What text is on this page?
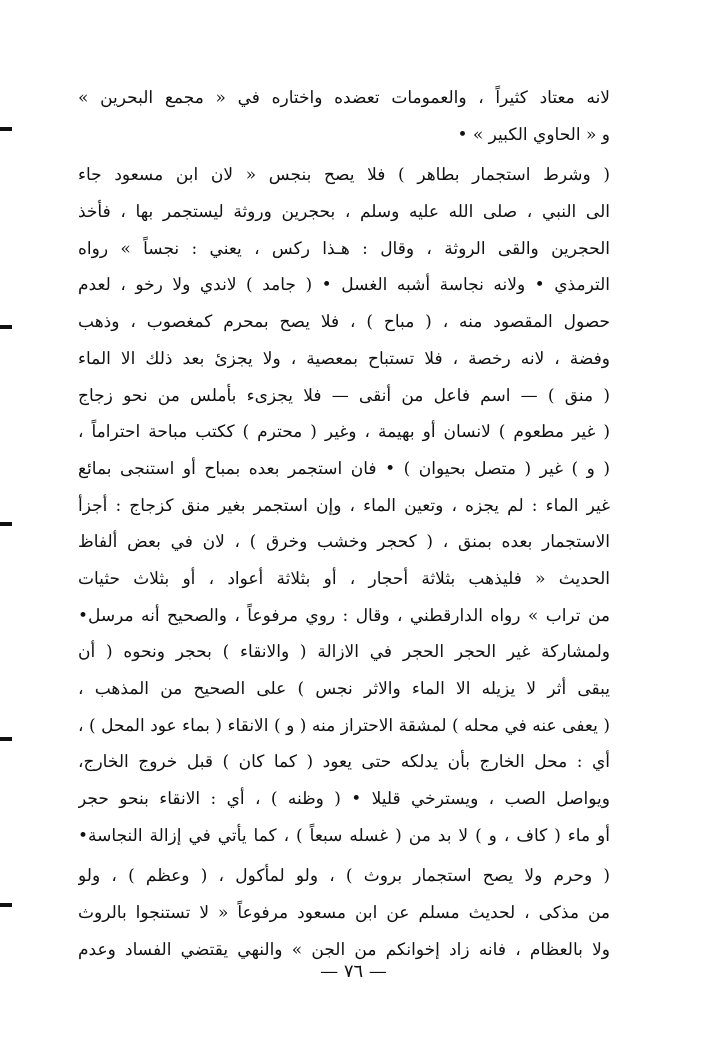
لانه معتاد كثيراً ، والعمومات تعضده واختاره في « مجمع البحرين »
و « الحاوي الكبير » •
( وشرط استجمار بطاهر ) فلا يصح بنجس « لان ابن مسعود جاء
الى النبي ، صلى الله عليه وسلم ، بحجرين وروثة ليستجمر بها ، فأخذ
الحجرين والقى الروثة ، وقال : هـذا ركس ، يعني : نجساً » رواه
الترمذي • ولانه نجاسة أشبه الغسل • ( جامد ) لاندي ولا رخو ، لعدم
حصول المقصود منه ، ( مباح ) ، فلا يصح بمحرم كمغصوب ، وذهب
وفضة ، لانه رخصة ، فلا تستباح بمعصية ، ولا يجزئ بعد ذلك الا الماء
( منق ) — اسم فاعل من أنقى — فلا يجزىء بأملس من نحو زجاج
( غير مطعوم ) لانسان أو بهيمة ، وغير ( محترم ) ككتب مباحة احتراماً ،
( و ) غير ( متصل بحيوان ) • فان استجمر بعده بمباح أو استنجى بمائع
غير الماء : لم يجزه ، وتعين الماء ، وإن استجمر بغير منق كزجاج : أجزأ
الاستجمار بعده بمنق ، ( كحجر وخشب وخرق ) ، لان في بعض ألفاظ
الحديث « فليذهب بثلاثة أحجار ، أو بثلاثة أعواد ، أو بثلاث حثيات
من تراب » رواه الدارقطني ، وقال : روي مرفوعاً ، والصحيح أنه مرسل•
ولمشاركة غير الحجر الحجر في الازالة ( والانقاء ) بحجر ونحوه ( أن
يبقى أثر لا يزيله الا الماء والاثر نجس ) على الصحيح من المذهب ،
( يعفى عنه في محله ) لمشقة الاحتراز منه ( و ) الانقاء ( بماء عود المحل ) ،
أي : محل الخارج بأن يدلكه حتى يعود ( كما كان ) قبل خروج الخارج،
ويواصل الصب ، ويسترخي قليلا • ( وظنه ) ، أي : الانقاء بنحو حجر
أو ماء ( كاف ، و ) لا بد من ( غسله سبعاً ) ، كما يأتي في إزالة النجاسة•
( وحرم ولا يصح استجمار بروث ) ، ولو لمأكول ، ( وعظم ) ، ولو
من مذكى ، لحديث مسلم عن ابن مسعود مرفوعاً « لا تستنجوا بالروث
ولا بالعظام ، فانه زاد إخوانكم من الجن » والنهي يقتضي الفساد وعدم
— ٧٦ —
